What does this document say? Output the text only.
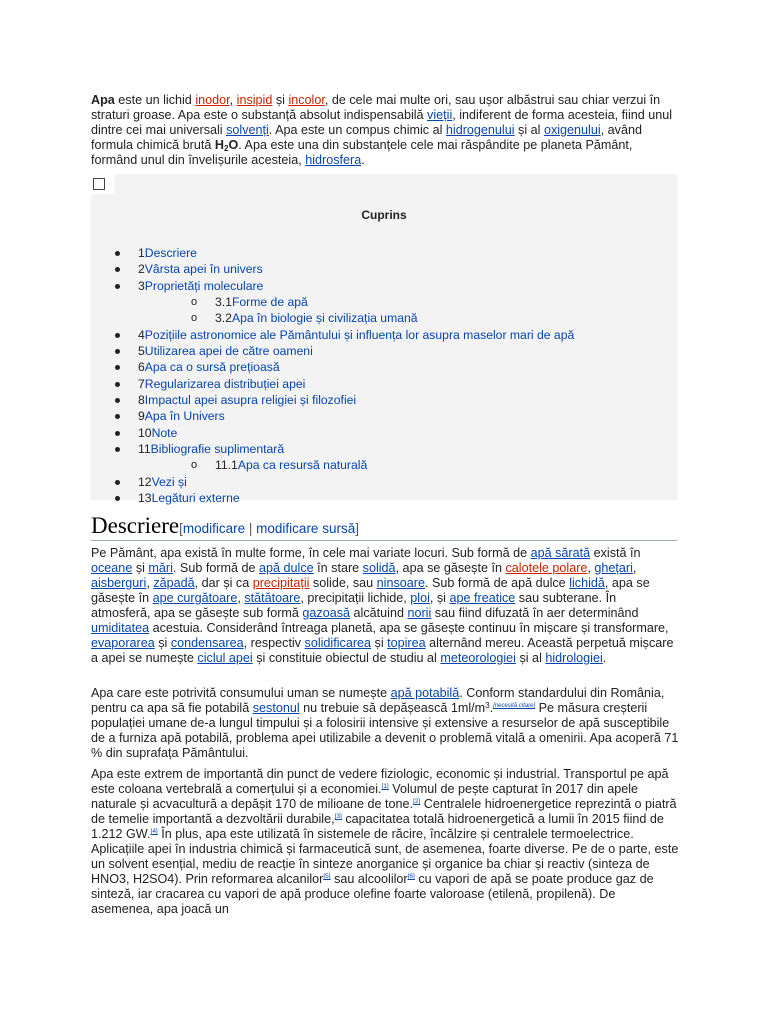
Apa este un lichid inodor, insipid și incolor, de cele mai multe ori, sau ușor albăstrui sau chiar verzui în straturi groase. Apa este o substanță absolut indispensabilă vieții, indiferent de forma acesteia, fiind unul dintre cei mai universali solvenți. Apa este un compus chimic al hidrogenului și al oxigenului, având formula chimică brută $H_2O$. Apa este una din substanțele cele mai răspândite pe planeta Pământ, formând unul din învelișurile acesteia, hidrosfera.

Cuprins
1Descriere
2Vârsta apei în univers
3Proprietăți moleculare
o 3.1Forme de apă
o 3.2Apa în biologie și civilizația umană
4Pozițiile astronomice ale Pământului și influența lor asupra maselor mari de apă
5Utilizarea apei de către oameni
6Apa ca o sursă prețioasă
7Regularizarea distribuției apei
8Impactul apei asupra religiei și filozofiei
9Apa în Univers
10Note
11Bibliografie suplimentară
o 11.1Apa ca resursă naturală
12Vezi și
13Legături externe
Descriere[modificare | modificare sursă]

Pe Pământ, apa există în multe forme, în cele mai variate locuri. Sub formă de apă sărată există în oceane și mări. Sub formă de apă dulce în stare solidă, apa se găsește în calotele polare, ghețari, aisberguri, zăpadă, dar și ca precipitații solide, sau ninsoare. Sub formă de apă dulce lichidă, apa se găsește în ape curgătoare, stătătoare, precipitații lichide, ploi, și ape freatice sau subterane. În atmosferă, apa se găsește sub formă gazoasă alcătuind norii sau fiind difuzată în aer determinând umiditatea acestuia. Considerând întreaga planetă, apa se găsește continuu în mișcare și transformare, evaporarea și condensarea, respectiv solidificarea și topirea alternând mereu. Această perpetuă mișcare a apei se numește ciclul apei și constituie obiectul de studiu al meteorologiei și al hidrologiei.

Apa care este potrivită consumului uman se numește apă potabilă. Conform standardului din România, pentru ca apa să fie potabilă sestonul nu trebuie să depășească $1ml/m^3.[necesită citare]$ Pe măsura creșterii populației umane de-a lungul timpului și a folosirii intensive și extensive a resurselor de apă susceptibile de a furniza apă potabilă, problema apei utilizabile a devenit o problemă vitală a omenirii. Apa acoperă 71 % din suprafața Pământului.

Apa este extrem de importantă din punct de vedere fiziologic, economic și industrial. Transportul pe apă este coloana vertebrală a comerțului și a economiei.[1] Volumul de pește capturat în 2017 din apele naturale și acvacultură a depășit 170 de milioane de tone.[2] Centralele hidroenergetice reprezintă o piatră de temelie importantă a dezvoltării durabile,[3] capacitatea totală hidroenergetică a lumii în 2015 fiind de 1.212 GW.[4] În plus, apa este utilizată în sistemele de răcire, încălzire și centralele termoelectrice. Aplicațiile apei în industria chimică și farmaceutică sunt, de asemenea, foarte diverse. Pe de o parte, este un solvent esențial, mediu de reacție în sinteze anorganice și organice ba chiar și reactiv (sinteza de HNO3, H2SO4). Prin reformarea alcanilor[5] sau alcoolilor[6] cu vapori de apă se poate produce gaz de sinteză, iar cracarea cu vapori de apă produce olefine foarte valoroase (etilenă, propilenă). De asemenea, apa joacă un
